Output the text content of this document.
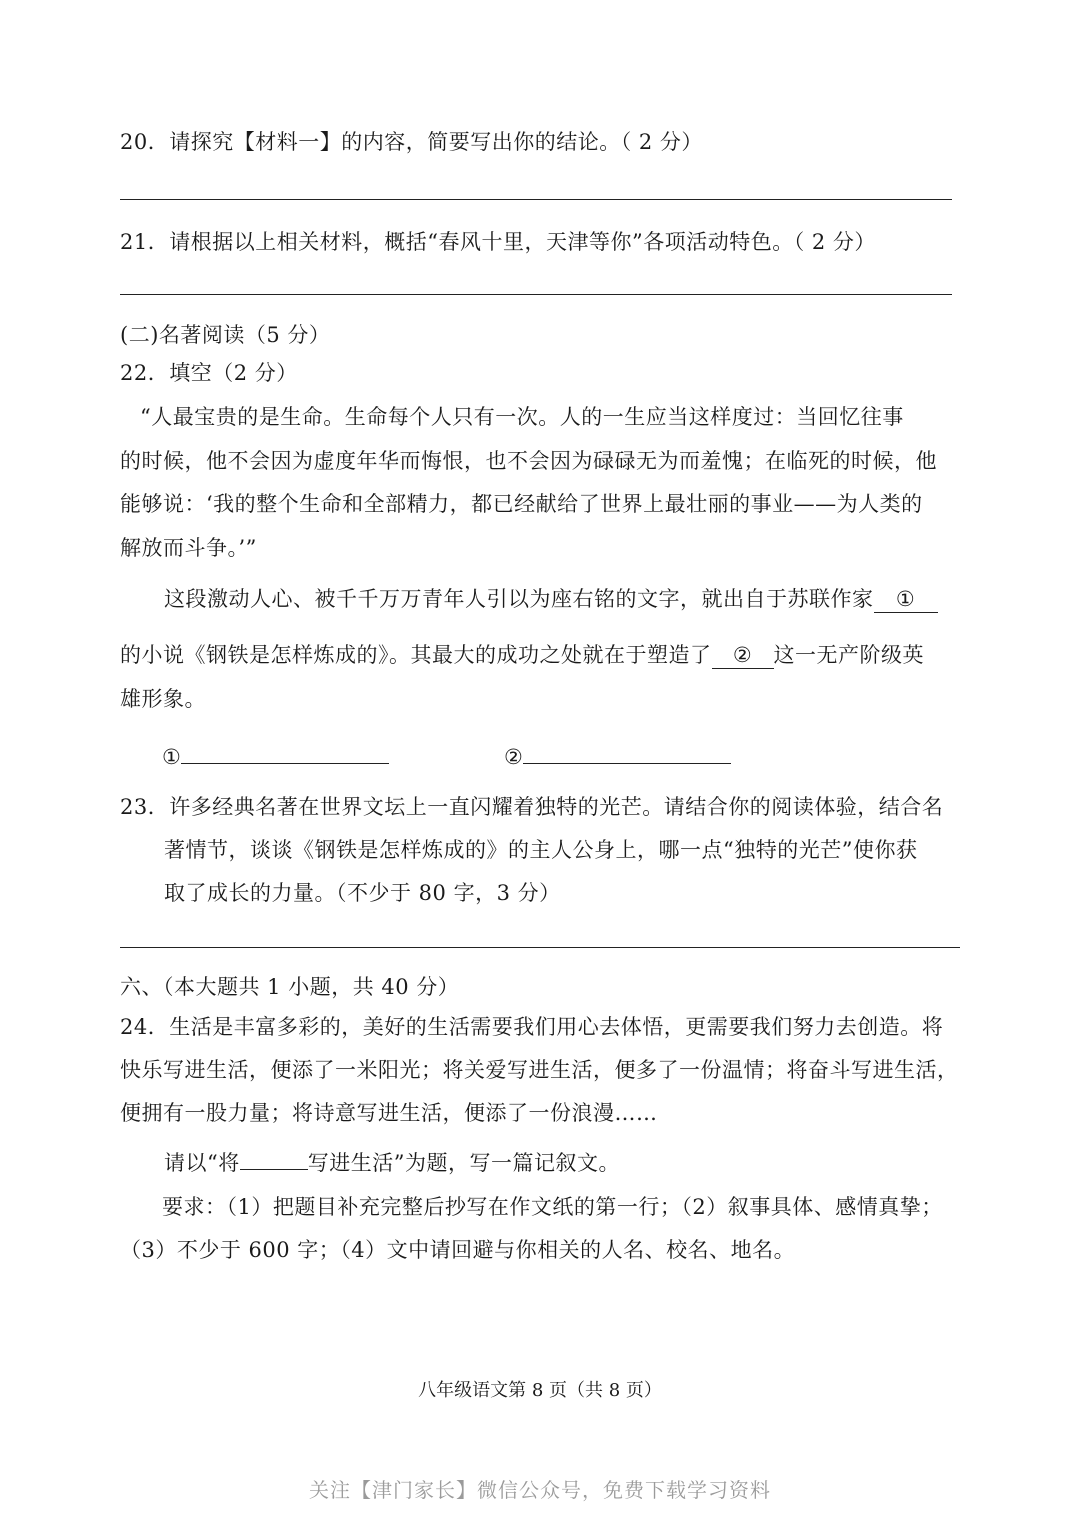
20．请探究【材料一】的内容，简要写出你的结论。（ 2 分）
21．请根据以上相关材料，概括“春风十里，天津等你”各项活动特色。（ 2 分）
(二)名著阅读（5 分）
22．填空（2 分）
“人最宝贵的是生命。生命每个人只有一次。人的一生应当这样度过：当回忆往事
的时候，他不会因为虚度年华而悔恨，也不会因为碌碌无为而羞愧；在临死的时候，他
能够说：‘我的整个生命和全部精力，都已经献给了世界上最壮丽的事业——为人类的
解放而斗争。’”
这段激动人心、被千千万万青年人引以为座右铭的文字，就出自于苏联作家 ①
的小说《钢铁是怎样炼成的》。其最大的成功之处就在于塑造了 ② 这一无产阶级英
雄形象。
①	②
23．许多经典名著在世界文坛上一直闪耀着独特的光芒。请结合你的阅读体验，结合名
著情节，谈谈《钢铁是怎样炼成的》的主人公身上，哪一点“独特的光芒”使你获
取了成长的力量。（不少于 80 字，3 分）
六、（本大题共 1 小题，共 40 分）
24．生活是丰富多彩的，美好的生活需要我们用心去体悟，更需要我们努力去创造。将
快乐写进生活，便添了一米阳光；将关爱写进生活，便多了一份温情；将奋斗写进生活，
便拥有一股力量；将诗意写进生活，便添了一份浪漫……
请以“将	写进生活”为题，写一篇记叙文。
要求：（1）把题目补充完整后抄写在作文纸的第一行；（2）叙事具体、感情真挚；
（3）不少于 600 字；（4）文中请回避与你相关的人名、校名、地名。
八年级语文第 8 页（共 8 页）
关注【津门家长】微信公众号，免费下载学习资料
